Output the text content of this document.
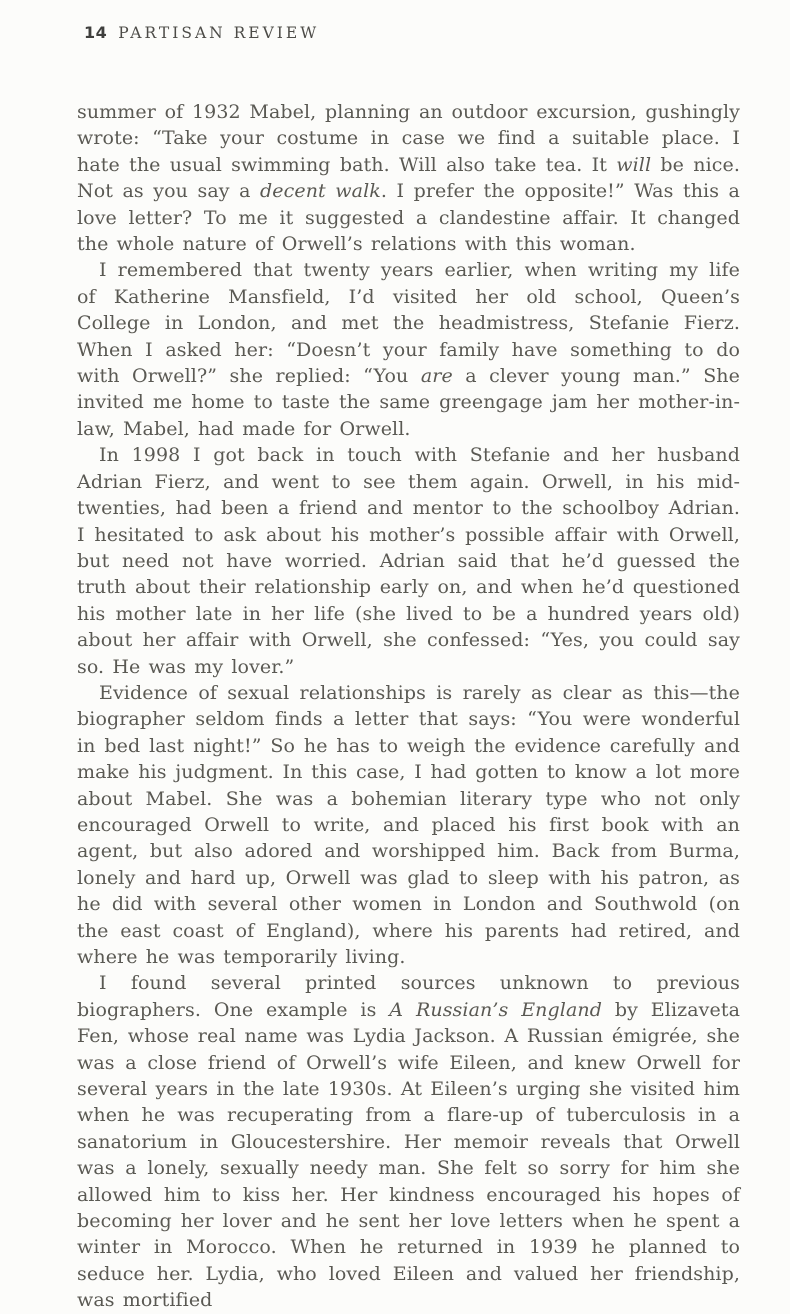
14 PARTISAN REVIEW

summer of 1932 Mabel, planning an outdoor excursion, gushingly wrote: “Take your costume in case we find a suitable place. I hate the usual swimming bath. Will also take tea. It will be nice. Not as you say a decent walk. I prefer the opposite!” Was this a love letter? To me it suggested a clandestine affair. It changed the whole nature of Orwell’s relations with this woman.

I remembered that twenty years earlier, when writing my life of Katherine Mansfield, I’d visited her old school, Queen’s College in London, and met the headmistress, Stefanie Fierz. When I asked her: “Doesn’t your family have something to do with Orwell?” she replied: “You are a clever young man.” She invited me home to taste the same greengage jam her mother-in-law, Mabel, had made for Orwell.

In 1998 I got back in touch with Stefanie and her husband Adrian Fierz, and went to see them again. Orwell, in his mid-twenties, had been a friend and mentor to the schoolboy Adrian. I hesitated to ask about his mother’s possible affair with Orwell, but need not have worried. Adrian said that he’d guessed the truth about their relationship early on, and when he’d questioned his mother late in her life (she lived to be a hundred years old) about her affair with Orwell, she confessed: “Yes, you could say so. He was my lover.”

Evidence of sexual relationships is rarely as clear as this—the biographer seldom finds a letter that says: “You were wonderful in bed last night!” So he has to weigh the evidence carefully and make his judgment. In this case, I had gotten to know a lot more about Mabel. She was a bohemian literary type who not only encouraged Orwell to write, and placed his first book with an agent, but also adored and worshipped him. Back from Burma, lonely and hard up, Orwell was glad to sleep with his patron, as he did with several other women in London and Southwold (on the east coast of England), where his parents had retired, and where he was temporarily living.

I found several printed sources unknown to previous biographers. One example is A Russian’s England by Elizaveta Fen, whose real name was Lydia Jackson. A Russian émigrée, she was a close friend of Orwell’s wife Eileen, and knew Orwell for several years in the late 1930s. At Eileen’s urging she visited him when he was recuperating from a flare-up of tuberculosis in a sanatorium in Gloucestershire. Her memoir reveals that Orwell was a lonely, sexually needy man. She felt so sorry for him she allowed him to kiss her. Her kindness encouraged his hopes of becoming her lover and he sent her love letters when he spent a winter in Morocco. When he returned in 1939 he planned to seduce her. Lydia, who loved Eileen and valued her friendship, was mortified
